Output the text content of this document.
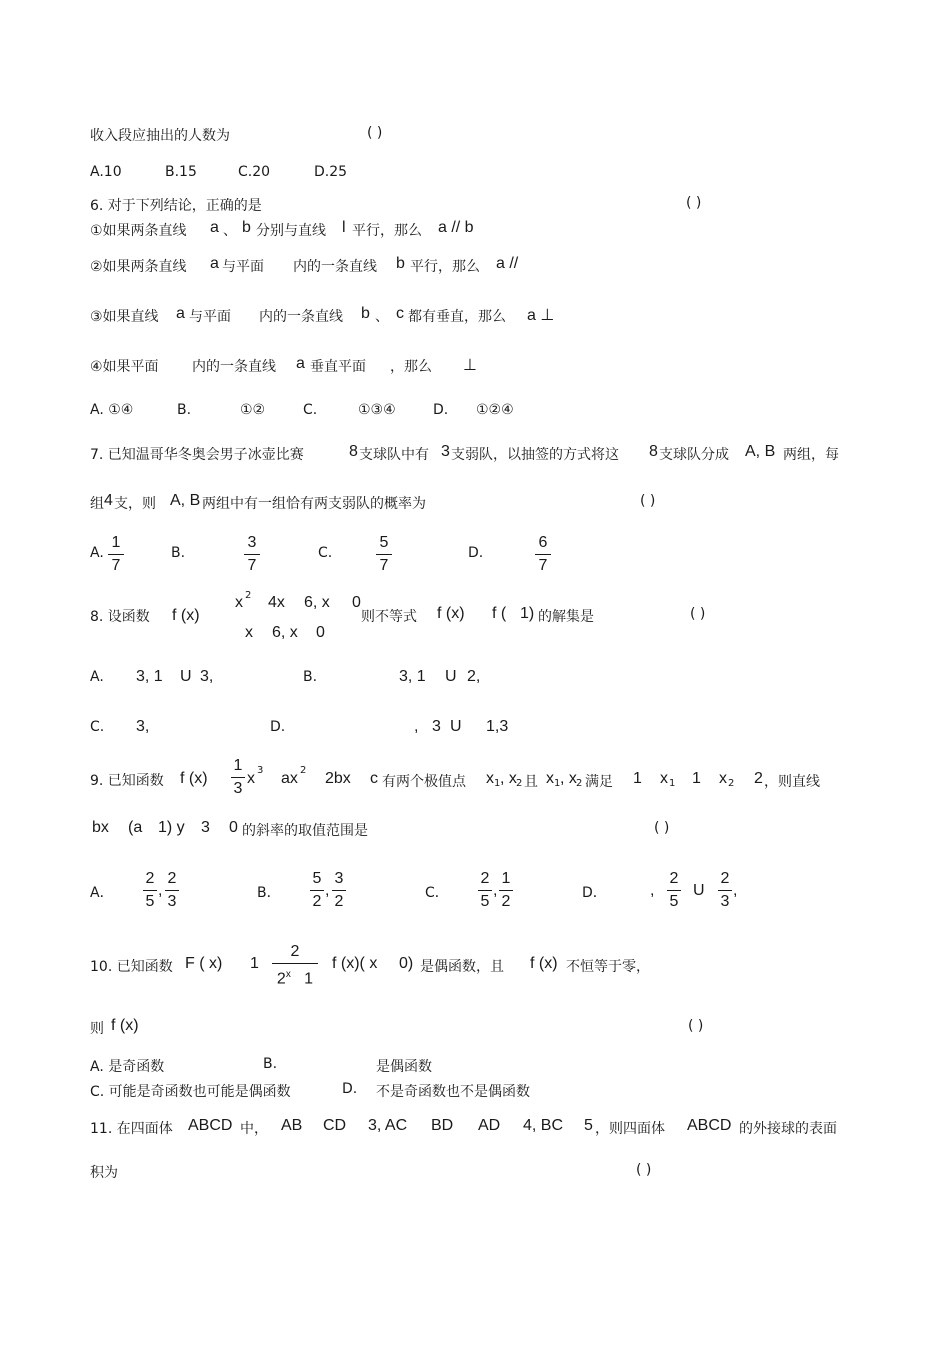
收入段应抽出的人数为	( )
A.10	B.15	C.20	D.25
6. 对于下列结论，正确的是	( )
①如果两条直线 a 、 b 分别与直线 l 平行，那么 a // b
②如果两条直线 a 与平面 内的一条直线 b 平行，那么 a //
③如果直线 a 与平面 内的一条直线 b 、 c 都有垂直，那么 a ⊥
④如果平面 内的一条直线 a 垂直平面 ，那么 ⊥
A. ①④	B.	①②	C.	①③④	D. ①②④
7. 已知温哥华冬奥会男子冰壶比赛	8 支球队中有 3 支弱队，以抽签的方式将这 8 支球队分成 A, B 两组，每
组 4 支，则 A, B 两组中有一组恰有两支弱队的概率为	( )
A.
1
7
B.
3
7
C.
5
7
D.
6
7
8. 设函数 f (x)
x 2 4x 6, x 0
x 6, x 0
则不等式 f (x) f ( 1) 的解集是	( )
A. 3, 1 U 3,	B.	3, 1 U 2,
C. 3,	D.	, 3 U 1,3
9. 已知函数 f (x)
1
3
x 3 ax 2 2bx c 有两个极值点 x 1 , x 2 且 x 1 , x 2 满足 1 x 1 1 x 2 2 ，则直线
bx (a 1) y 3 0 的斜率的取值范围是	( )
A．
2
5
,
2
3	B．
5
2
,
3
2	C．
2
5
,
1
2	D．	,
2
5
U
2
3
,
10. 已知函数 F ( x) 1
2
2$^x$ 1
f (x)( x 0) 是偶函数，且 f (x) 不恒等于零，
则 f (x)	( )
A. 是奇函数	B.	是偶函数
C. 可能是奇函数也可能是偶函数	D. 不是奇函数也不是偶函数
11. 在四面体 ABCD 中， AB CD 3, AC BD AD 4, BC 5 ，则四面体 ABCD 的外接球的表面
积为	( )
